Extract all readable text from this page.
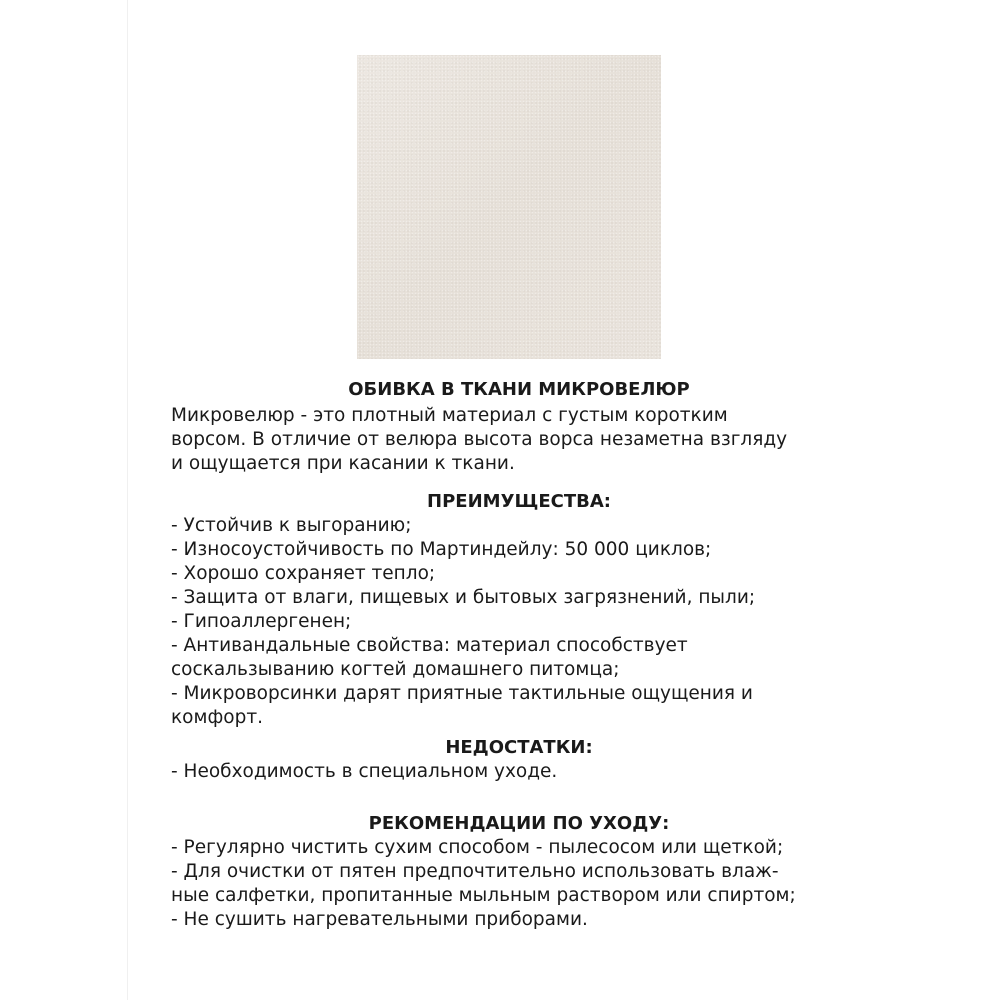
ОБИВКА В ТКАНИ МИКРОВЕЛЮР

Микровелюр - это плотный материал с густым коротким
ворсом. В отличие от велюра высота ворса незаметна взгляду
и ощущается при касании к ткани.

ПРЕИМУЩЕСТВА:
- Устойчив к выгоранию;
- Износоустойчивость по Мартиндейлу: 50 000 циклов;
- Хорошо сохраняет тепло;
- Защита от влаги, пищевых и бытовых загрязнений, пыли;
- Гипоаллергенен;
- Антивандальные свойства: материал способствует
соскальзыванию когтей домашнего питомца;
- Микроворсинки дарят приятные тактильные ощущения и
комфорт.
НЕДОСТАТКИ:
- Необходимость в специальном уходе.
РЕКОМЕНДАЦИИ ПО УХОДУ:
- Регулярно чистить сухим способом - пылесосом или щеткой;
- Для очистки от пятен предпочтительно использовать влаж-
ные салфетки, пропитанные мыльным раствором или спиртом;
- Не сушить нагревательными приборами.
